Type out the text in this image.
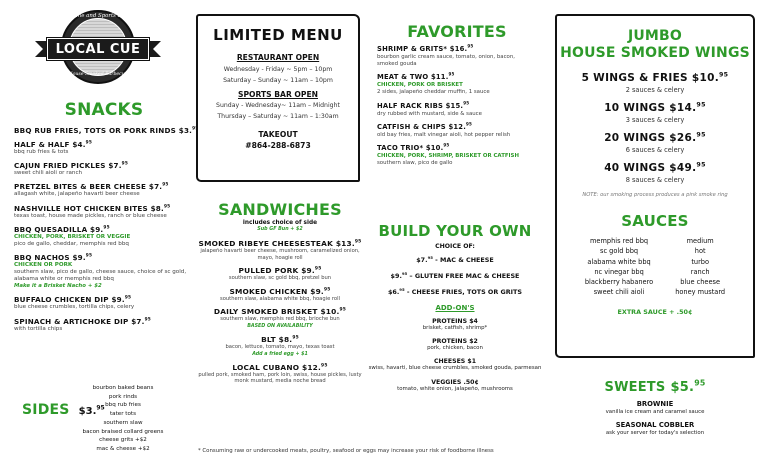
Game and Sports Bar
LOCAL CUE
House-Smoked Barbecue
SNACKS
BBQ RUB FRIES, TOTS OR PORK RINDS $3.95
HALF & HALF $4.95
bbq rub fries & tots
CAJUN FRIED PICKLES $7.95
sweet chili aioli or ranch
PRETZEL BITES & BEER CHEESE $7.95
allagash white, jalapeño havarti beer cheese
NASHVILLE HOT CHICKEN BITES $8.95
texas toast, house made pickles, ranch or blue cheese
BBQ QUESADILLA $9.95
CHICKEN, PORK, BRISKET OR VEGGIE
pico de gallo, cheddar, memphis red bbq
BBQ NACHOS $9.95
CHICKEN OR PORK
southern slaw, pico de gallo, cheese sauce, choice of sc gold, alabama white or memphis red bbq
Make it a Brisket Nacho + $2
BUFFALO CHICKEN DIP $9.95
blue cheese crumbles, tortilla chips, celery
SPINACH & ARTICHOKE DIP $7.95
with tortilla chips
SIDES $3.95
bourbon baked beans
pork rinds
bbq rub fries
tater tots
southern slaw
bacon braised collard greens
cheese grits +$2
mac & cheese +$2
LIMITED MENU
RESTAURANT OPEN
Wednesday - Friday ~ 5pm – 10pm
Saturday – Sunday ~ 11am – 10pm
SPORTS BAR OPEN
Sunday - Wednesday~ 11am – Midnight
Thursday – Saturday ~ 11am – 1:30am
TAKEOUT
#864-288-6873
SANDWICHES
includes choice of side
Sub GF Bun + $2
SMOKED RIBEYE CHEESESTEAK $13.95
jalapeño havarti beer cheese, mushroom, caramelized onion, mayo, hoagie roll
PULLED PORK $9.95
southern slaw, sc gold bbq, pretzel bun
SMOKED CHICKEN $9.95
southern slaw, alabama white bbq, hoagie roll
DAILY SMOKED BRISKET $10.95
southern slaw, memphis red bbq, brioche bun
BASED ON AVAILABILITY
BLT $8.95
bacon, lettuce, tomato, mayo, texas toast
Add a fried egg + $1
LOCAL CUBANO $12.95
pulled pork, smoked ham, pork loin, swiss, house pickles, lusty monk mustard, media noche bread
FAVORITES
SHRIMP & GRITS* $16.95
bourbon garlic cream sauce, tomato, onion, bacon, smoked gouda
MEAT & TWO $11.95
CHICKEN, PORK OR BRISKET
2 sides, jalapeño cheddar muffin, 1 sauce
HALF RACK RIBS $15.95
dry rubbed with mustard, side & sauce
CATFISH & CHIPS $12.95
old bay fries, malt vinegar aioli, hot pepper relish
TACO TRIO* $10.95
CHICKEN, PORK, SHRIMP, BRISKET OR CATFISH
southern slaw, pico de gallo
BUILD YOUR OWN
CHOICE OF:
$7.95 - MAC & CHEESE
$9.95 – GLUTEN FREE MAC & CHEESE
$6.95 - CHEESE FRIES, TOTS OR GRITS
ADD-ON'S
PROTEINS $4
brisket, catfish, shrimp*
PROTEINS $2
pork, chicken, bacon
CHEESES $1
swiss, havarti, blue cheese crumbles, smoked gouda, parmesan
VEGGIES .50¢
tomato, white onion, jalapeño, mushrooms
JUMBO
HOUSE SMOKED WINGS
5 WINGS & FRIES $10.95
2 sauces & celery
10 WINGS $14.95
3 sauces & celery
20 WINGS $26.95
6 sauces & celery
40 WINGS $49.95
8 sauces & celery
NOTE: our smoking process produces a pink smoke ring
SAUCES
memphis red bbq
sc gold bbq
alabama white bbq
nc vinegar bbq
blackberry habanero
sweet chili aioli
medium
hot
turbo
ranch
blue cheese
honey mustard
EXTRA SAUCE + .50¢
SWEETS $5.95
BROWNIE
vanilla ice cream and caramel sauce
SEASONAL COBBLER
ask your server for today's selection
* Consuming raw or undercooked meats, poultry, seafood or eggs may increase your risk of foodborne illness
